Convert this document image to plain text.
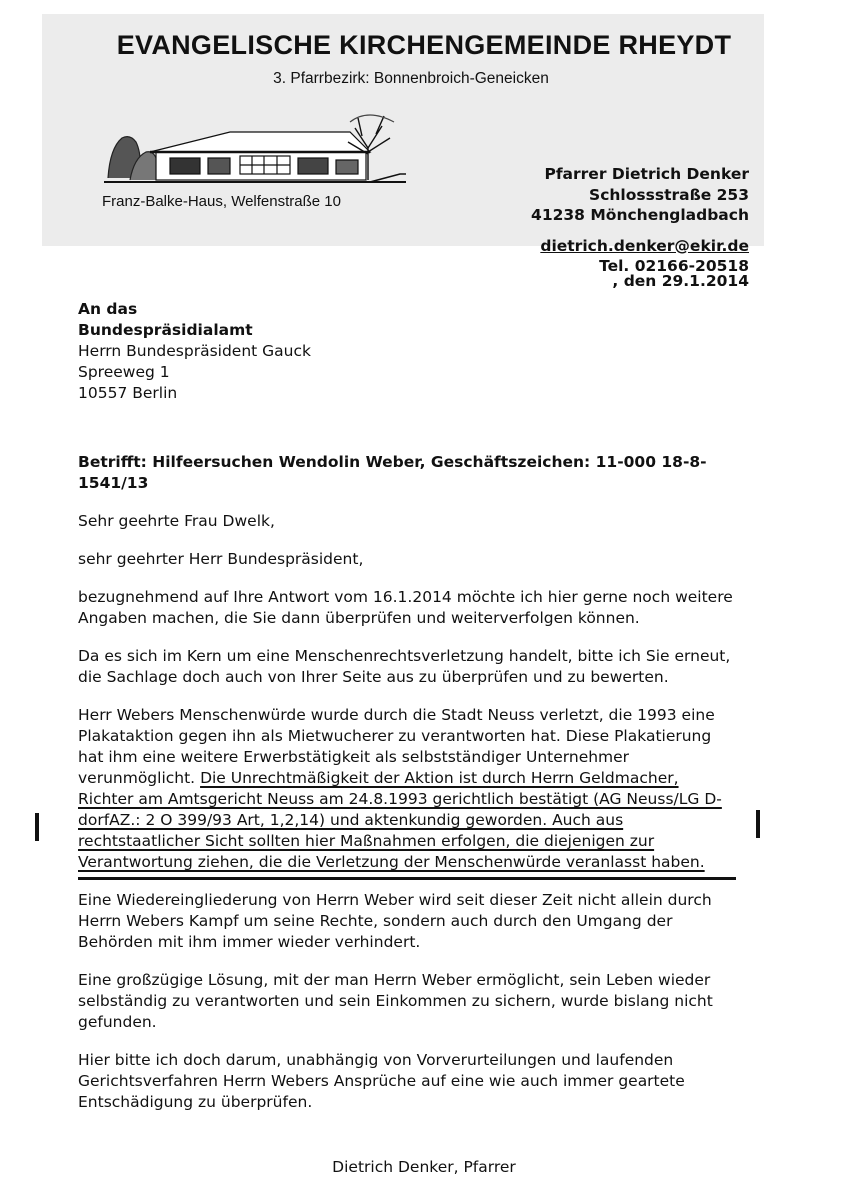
EVANGELISCHE KIRCHENGEMEINDE RHEYDT
3. Pfarrbezirk: Bonnenbroich-Geneicken
Franz-Balke-Haus, Welfenstraße 10
Pfarrer Dietrich Denker
Schlossstraße 253
41238 Mönchengladbach
dietrich.denker@ekir.de
Tel. 02166-20518
, den 29.1.2014
An das
Bundespräsidialamt
Herrn Bundespräsident Gauck
Spreeweg 1
10557 Berlin

Betrifft: Hilfeersuchen Wendolin Weber, Geschäftszeichen: 11-000 18-8-1541/13

Sehr geehrte Frau Dwelk,

sehr geehrter Herr Bundespräsident,

bezugnehmend auf Ihre Antwort vom 16.1.2014 möchte ich hier gerne noch weitere Angaben machen, die Sie dann überprüfen und weiterverfolgen können.

Da es sich im Kern um eine Menschenrechtsverletzung handelt, bitte ich Sie erneut, die Sachlage doch auch von Ihrer Seite aus zu überprüfen und zu bewerten.

Herr Webers Menschenwürde wurde durch die Stadt Neuss verletzt, die 1993 eine Plakataktion gegen ihn als Mietwucherer zu verantworten hat. Diese Plakatierung hat ihm eine weitere Erwerbstätigkeit als selbstständiger Unternehmer verunmöglicht. Die Unrechtmäßigkeit der Aktion ist durch Herrn Geldmacher, Richter am Amtsgericht Neuss am 24.8.1993 gerichtlich bestätigt (AG Neuss/LG D-dorfAZ.: 2 O 399/93 Art, 1,2,14) und aktenkundig geworden. Auch aus rechtstaatlicher Sicht sollten hier Maßnahmen erfolgen, die diejenigen zur Verantwortung ziehen, die die Verletzung der Menschenwürde veranlasst haben.

Eine Wiedereingliederung von Herrn Weber wird seit dieser Zeit nicht allein durch Herrn Webers Kampf um seine Rechte, sondern auch durch den Umgang der Behörden mit ihm immer wieder verhindert.

Eine großzügige Lösung, mit der man Herrn Weber ermöglicht, sein Leben wieder selbständig zu verantworten und sein Einkommen zu sichern, wurde bislang nicht gefunden.

Hier bitte ich doch darum, unabhängig von Vorverurteilungen und laufenden Gerichtsverfahren Herrn Webers Ansprüche auf eine wie auch immer geartete Entschädigung zu überprüfen.

Dietrich Denker, Pfarrer
